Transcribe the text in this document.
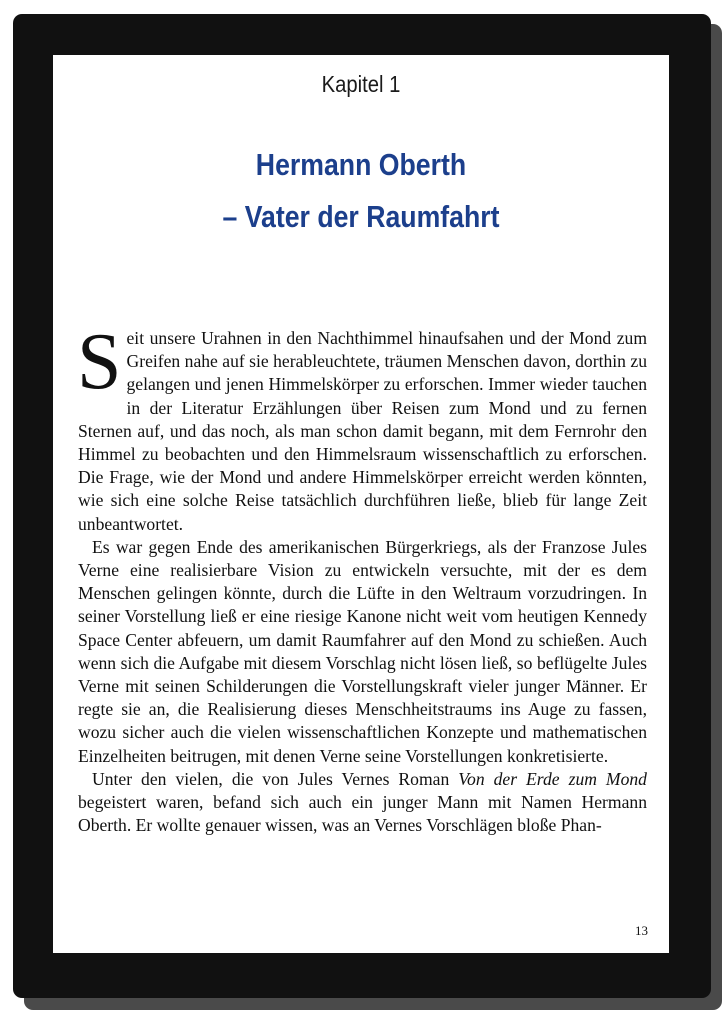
Kapitel 1
Hermann Oberth
– Vater der Raumfahrt

Seit unsere Urahnen in den Nachthimmel hinaufsahen und der Mond zum Greifen nahe auf sie herableuchtete, träumen Menschen davon, dorthin zu gelangen und jenen Himmelskörper zu erforschen. Immer wieder tauchen in der Literatur Erzählungen über Reisen zum Mond und zu fernen Sternen auf, und das noch, als man schon damit begann, mit dem Fernrohr den Himmel zu beobachten und den Himmelsraum wissenschaftlich zu erforschen. Die Frage, wie der Mond und andere Himmelskörper erreicht werden könnten, wie sich eine solche Reise tatsächlich durchführen ließe, blieb für lange Zeit unbeantwortet.

Es war gegen Ende des amerikanischen Bürgerkriegs, als der Franzose Jules Verne eine realisierbare Vision zu entwickeln versuchte, mit der es dem Menschen gelingen könnte, durch die Lüfte in den Weltraum vorzudringen. In seiner Vorstellung ließ er eine riesige Kanone nicht weit vom heutigen Kennedy Space Center abfeuern, um damit Raumfahrer auf den Mond zu schießen. Auch wenn sich die Aufgabe mit diesem Vorschlag nicht lösen ließ, so beflügelte Jules Verne mit seinen Schilderungen die Vorstellungskraft vieler junger Männer. Er regte sie an, die Realisierung dieses Menschheitstraums ins Auge zu fassen, wozu sicher auch die vielen wissenschaftlichen Konzepte und mathematischen Einzelheiten beitrugen, mit denen Verne seine Vorstellungen konkretisierte.

Unter den vielen, die von Jules Vernes Roman Von der Erde zum Mond begeistert waren, befand sich auch ein junger Mann mit Namen Hermann Oberth. Er wollte genauer wissen, was an Vernes Vorschlägen bloße Phan-

13
